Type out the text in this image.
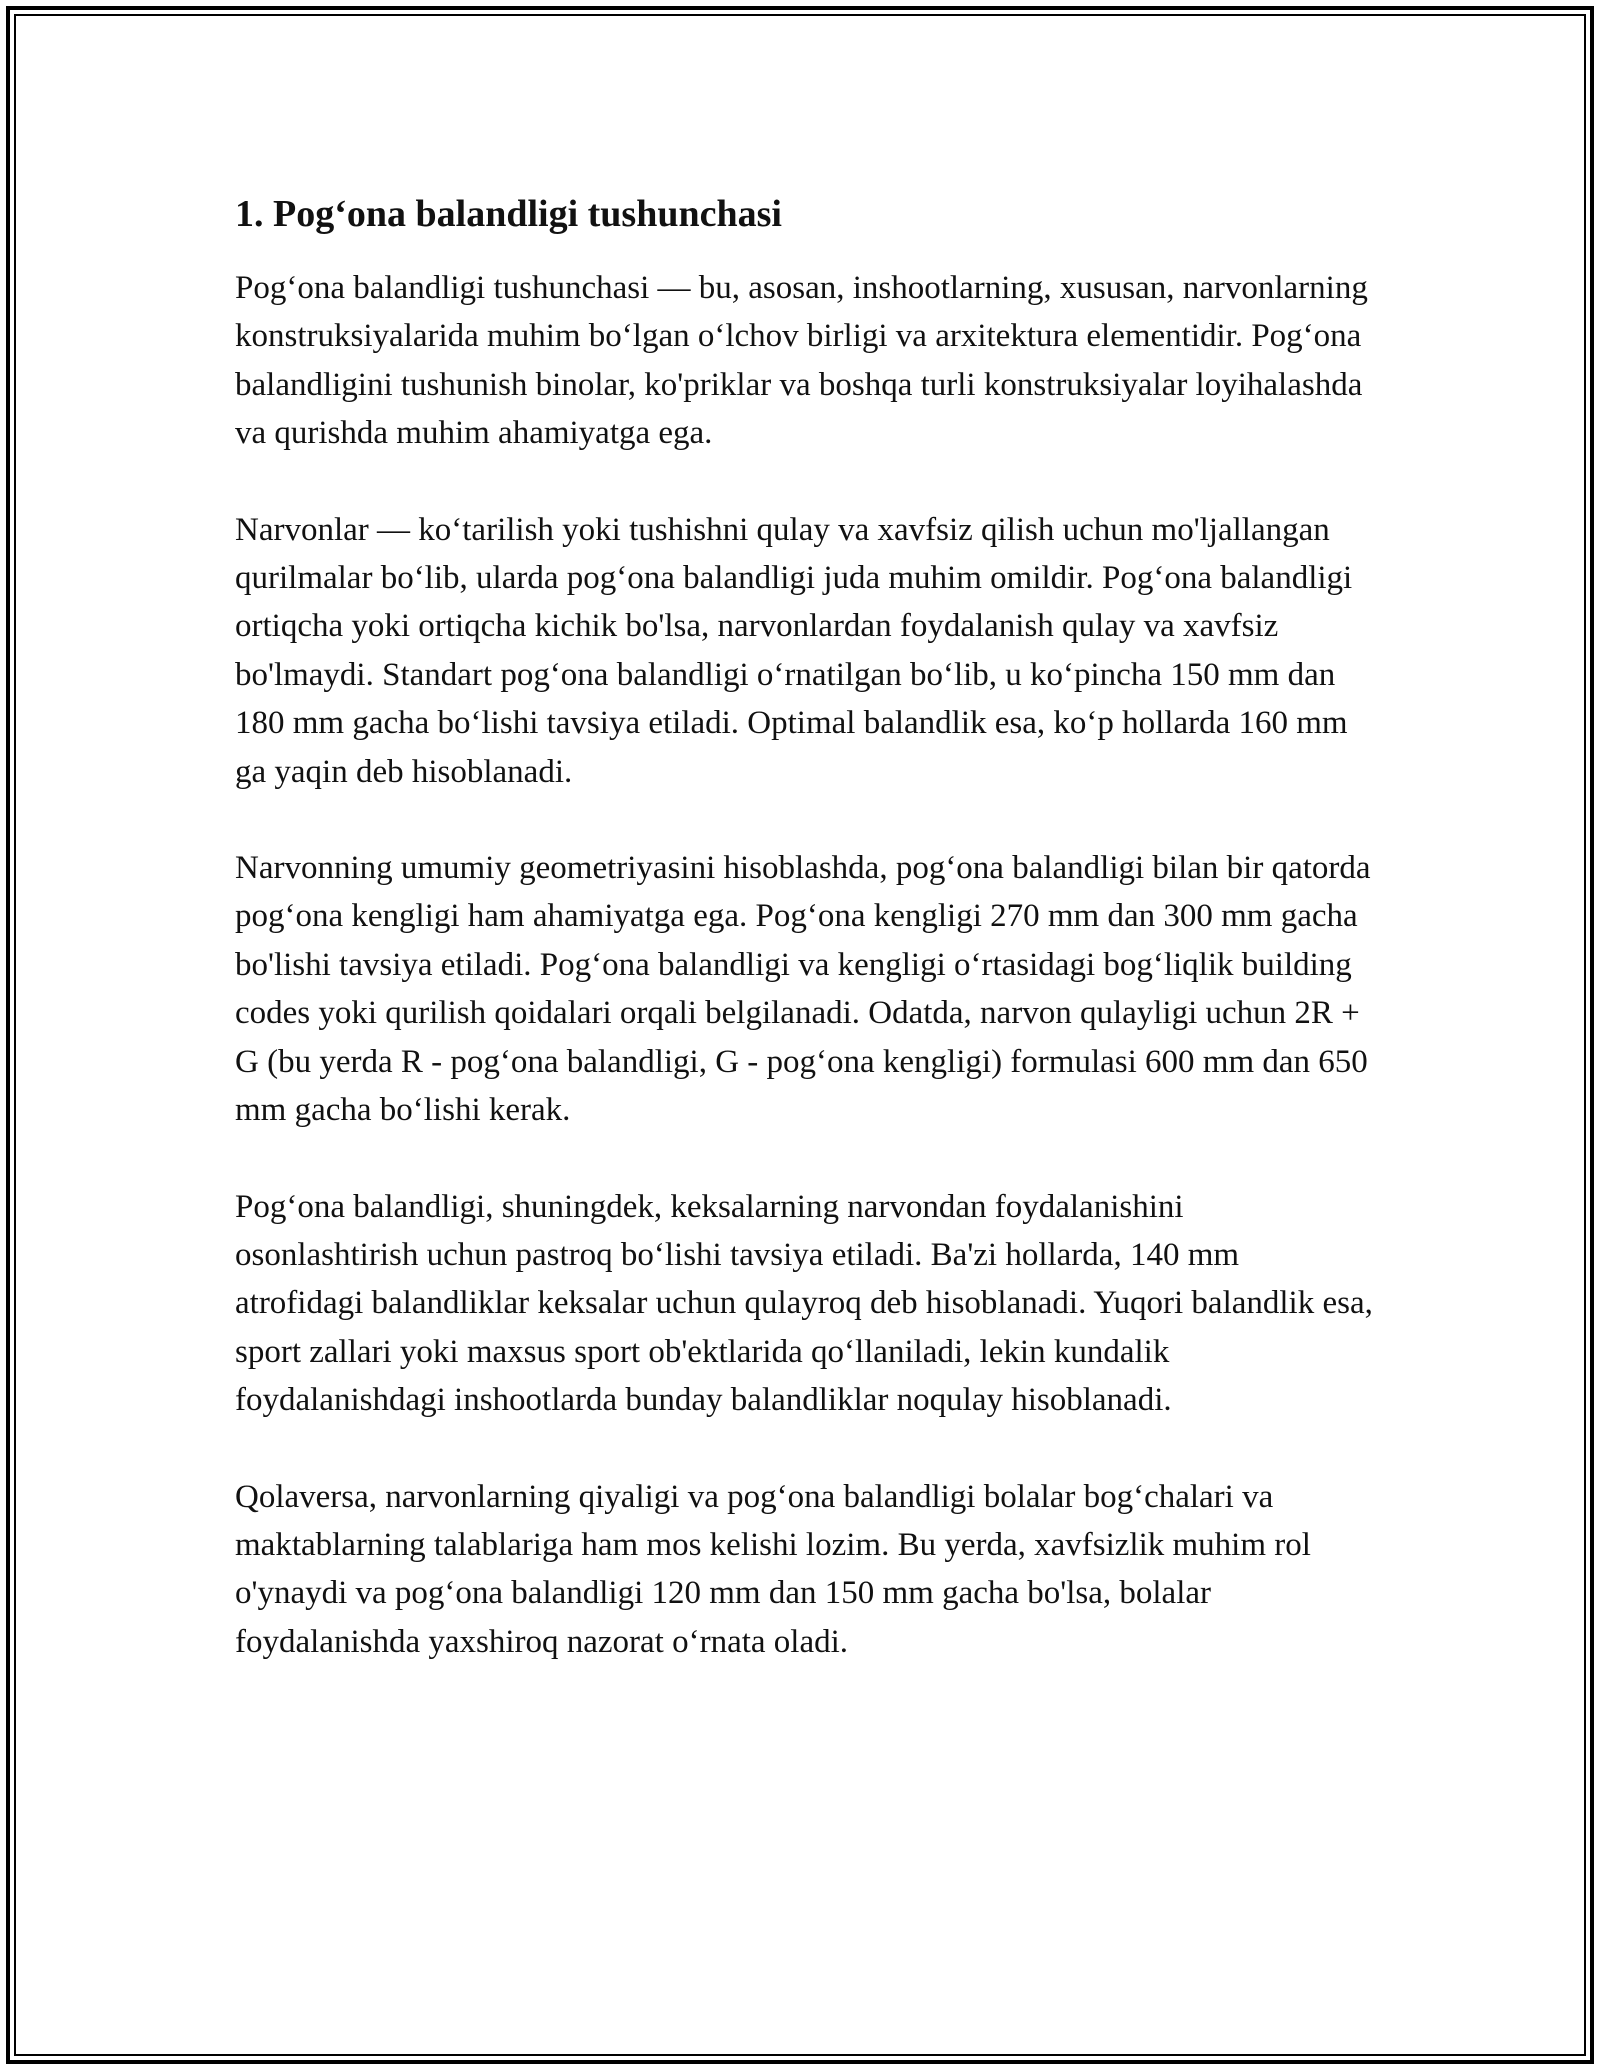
1. Pog‘ona balandligi tushunchasi

Pog‘ona balandligi tushunchasi — bu, asosan, inshootlarning, xususan, narvonlarning konstruksiyalarida muhim bo‘lgan o‘lchov birligi va arxitektura elementidir. Pog‘ona balandligini tushunish binolar, ko'priklar va boshqa turli konstruksiyalar loyihalashda va qurishda muhim ahamiyatga ega.

Narvonlar — ko‘tarilish yoki tushishni qulay va xavfsiz qilish uchun mo'ljallangan qurilmalar bo‘lib, ularda pog‘ona balandligi juda muhim omildir. Pog‘ona balandligi ortiqcha yoki ortiqcha kichik bo'lsa, narvonlardan foydalanish qulay va xavfsiz bo'lmaydi. Standart pog‘ona balandligi o‘rnatilgan bo‘lib, u ko‘pincha 150 mm dan 180 mm gacha bo‘lishi tavsiya etiladi. Optimal balandlik esa, ko‘p hollarda 160 mm ga yaqin deb hisoblanadi.

Narvonning umumiy geometriyasini hisoblashda, pog‘ona balandligi bilan bir qatorda pog‘ona kengligi ham ahamiyatga ega. Pog‘ona kengligi 270 mm dan 300 mm gacha bo'lishi tavsiya etiladi. Pog‘ona balandligi va kengligi o‘rtasidagi bog‘liqlik building codes yoki qurilish qoidalari orqali belgilanadi. Odatda, narvon qulayligi uchun 2R + G (bu yerda R - pog‘ona balandligi, G - pog‘ona kengligi) formulasi 600 mm dan 650 mm gacha bo‘lishi kerak.

Pog‘ona balandligi, shuningdek, keksalarning narvondan foydalanishini osonlashtirish uchun pastroq bo‘lishi tavsiya etiladi. Ba'zi hollarda, 140 mm atrofidagi balandliklar keksalar uchun qulayroq deb hisoblanadi. Yuqori balandlik esa, sport zallari yoki maxsus sport ob'ektlarida qo‘llaniladi, lekin kundalik foydalanishdagi inshootlarda bunday balandliklar noqulay hisoblanadi.

Qolaversa, narvonlarning qiyaligi va pog‘ona balandligi bolalar bog‘chalari va maktablarning talablariga ham mos kelishi lozim. Bu yerda, xavfsizlik muhim rol o'ynaydi va pog‘ona balandligi 120 mm dan 150 mm gacha bo'lsa, bolalar foydalanishda yaxshiroq nazorat o‘rnata oladi.
